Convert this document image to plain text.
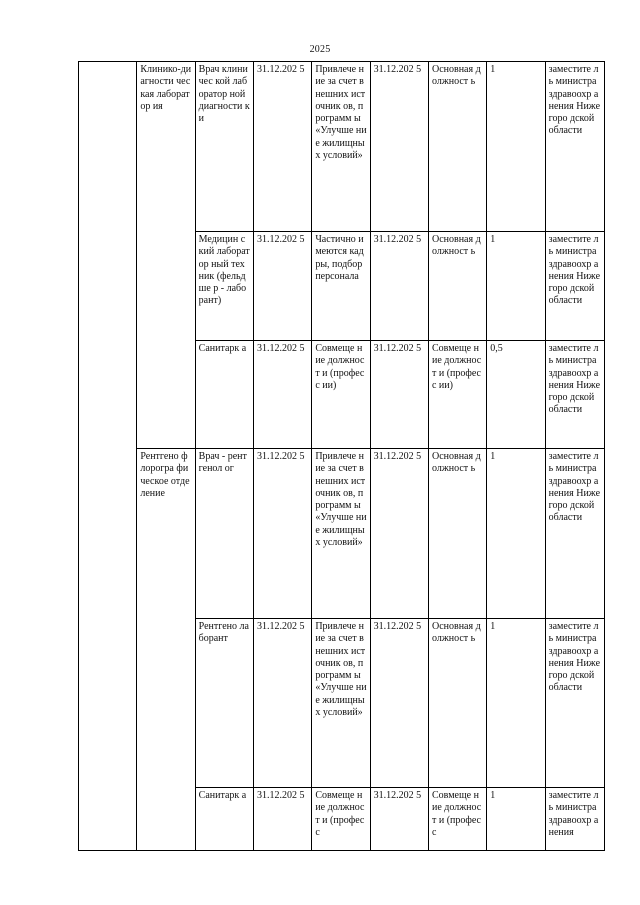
2025
	Клинико-диагности ческая лаборатор ия	Врач клиничес кой лаборатор ной диагности ки	31.12.202 5	Привлече ние за счет внешних источник ов, программ ы «Улучше ние жилищны х условий»	31.12.202 5	Основная должност ь	1	заместите ль министра здравоохр анения Нижегоро дской области
		Медицин ский лаборатор ный техник (фельдше р - лаборант)	31.12.202 5	Частично имеются кадры, подбор персонала	31.12.202 5	Основная должност ь	1	заместите ль министра здравоохр анения Нижегоро дской области
		Санитарк а	31.12.202 5	Совмеще ние должност и (професс ии)	31.12.202 5	Совмеще ние должност и (професс ии)	0,5	заместите ль министра здравоохр анения Нижегоро дской области
	Рентгено флорогра фическое отделение	Врач - рентгенол ог	31.12.202 5	Привлече ние за счет внешних источник ов, программ ы «Улучше ние жилищны х условий»	31.12.202 5	Основная должност ь	1	заместите ль министра здравоохр анения Нижегоро дской области
		Рентгено лаборант	31.12.202 5	Привлече ние за счет внешних источник ов, программ ы «Улучше ние жилищны х условий»	31.12.202 5	Основная должност ь	1	заместите ль министра здравоохр анения Нижегоро дской области
		Санитарк а	31.12.202 5	Совмеще ние должност и (професс	31.12.202 5	Совмеще ние должност и (професс	1	заместите ль министра здравоохр анения
